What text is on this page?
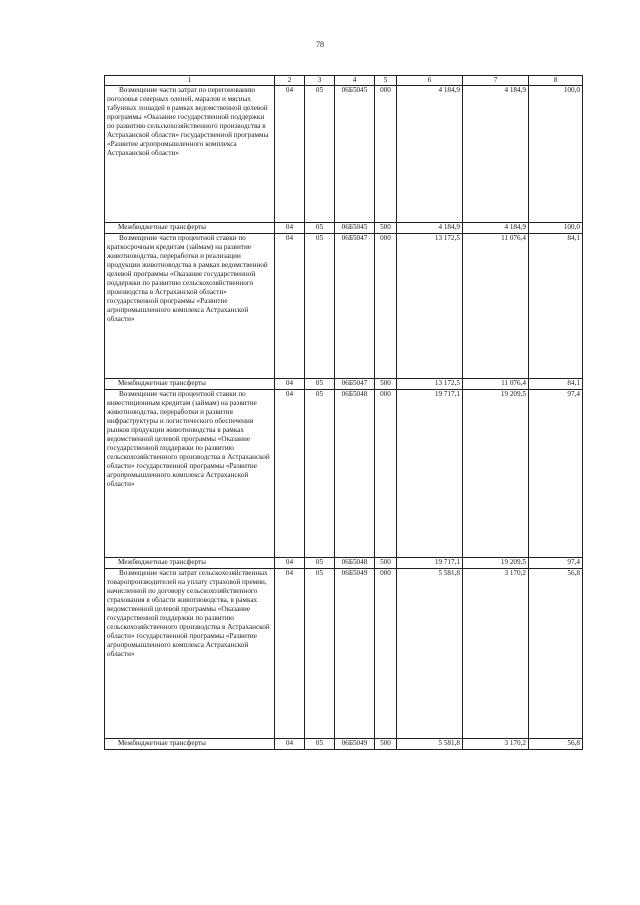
78
1	2	3	4	5	6	7	8
Возмещение части затрат по перегонованию поголовья северных оленей, маралов и мясных табунных лошадей в рамках ведомственной целевой программы «Оказание государственной поддержки по развитию сельскохозяйственного производства в Астраханской области» государственной программы «Развитие агропромышленного комплекса Астраханской области»	04	05	06Б5045	000	4 184,9	4 184,9	100,0
Межбюджетные трансферты	04	05	06Б5045	500	4 184,9	4 184,9	100,0
Возмещение части процентной ставки по краткосрочным кредитам (займам) на развитие животноводства, переработки и реализации продукции животноводства в рамках ведомственной целевой программы «Оказание государственной поддержки по развитию сельскохозяйственного производства в Астраханской области» государственной программы «Развитие агропромышленного комплекса Астраханской области»	04	05	06Б5047	000	13 172,5	11 076,4	84,1
Межбюджетные трансферты	04	05	06Б5047	500	13 172,5	11 076,4	84,1
Возмещение части процентной ставки по инвестиционным кредитам (займам) на развитие животноводства, переработки и развития инфраструктуры и логистического обеспечения рынков продукции животноводства в рамках ведомственной целевой программы «Оказание государственной поддержки по развитию сельскохозяйственного производства в Астраханской области» государственной программы «Развитие агропромышленного комплекса Астраханской области»	04	05	06Б5048	000	19 717,1	19 209,5	97,4
Межбюджетные трансферты	04	05	06Б5048	500	19 717,1	19 209,5	97,4
Возмещение части затрат сельскохозяйственных товаропроизводителей на уплату страховой премии, начисленной по договору сельскохозяйственного страхования в области животноводства, в рамках ведомственной целевой программы «Оказание государственной поддержки по развитию сельскохозяйственного производства в Астраханской области» государственной программы «Развитие агропромышленного комплекса Астраханской области»	04	05	06Б5049	000	5 581,8	3 170,2	56,8
Межбюджетные трансферты	04	05	06Б5049	500	5 581,8	3 170,2	56,8
